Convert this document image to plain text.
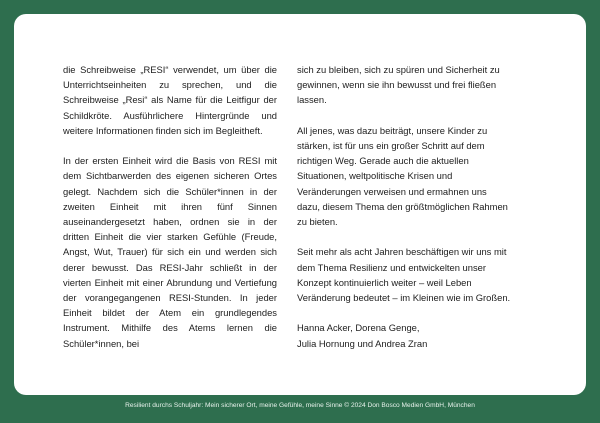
die Schreibweise „RESI“ verwendet, um über die Unterrichtseinheiten zu sprechen, und die Schreibweise „Resi“ als Name für die Leitfigur der Schildkröte. Ausführlichere Hintergründe und weitere Informationen finden sich im Begleitheft.

In der ersten Einheit wird die Basis von RESI mit dem Sichtbarwerden des eigenen sicheren Ortes gelegt. Nachdem sich die Schüler*innen in der zweiten Einheit mit ihren fünf Sinnen auseinandergesetzt haben, ordnen sie in der dritten Einheit die vier starken Gefühle (Freude, Angst, Wut, Trauer) für sich ein und werden sich derer bewusst. Das RESI-Jahr schließt in der vierten Einheit mit einer Abrundung und Vertiefung der vorangegangenen RESI-Stunden. In jeder Einheit bildet der Atem ein grundlegendes Instrument. Mithilfe des Atems lernen die Schüler*innen, bei

sich zu bleiben, sich zu spüren und Sicherheit zu gewinnen, wenn sie ihn bewusst und frei fließen lassen.

All jenes, was dazu beiträgt, unsere Kinder zu stärken, ist für uns ein großer Schritt auf dem richtigen Weg. Gerade auch die aktuellen Situationen, weltpolitische Krisen und Veränderungen verweisen und ermahnen uns dazu, diesem Thema den größtmöglichen Rahmen zu bieten.

Seit mehr als acht Jahren beschäftigen wir uns mit dem Thema Resilienz und entwickelten unser Konzept kontinuierlich weiter – weil Leben Veränderung bedeutet – im Kleinen wie im Großen.

Hanna Acker, Dorena Genge,
Julia Hornung und Andrea Zran

Resilient durchs Schuljahr: Mein sicherer Ort, meine Gefühle, meine Sinne © 2024 Don Bosco Medien GmbH, München
